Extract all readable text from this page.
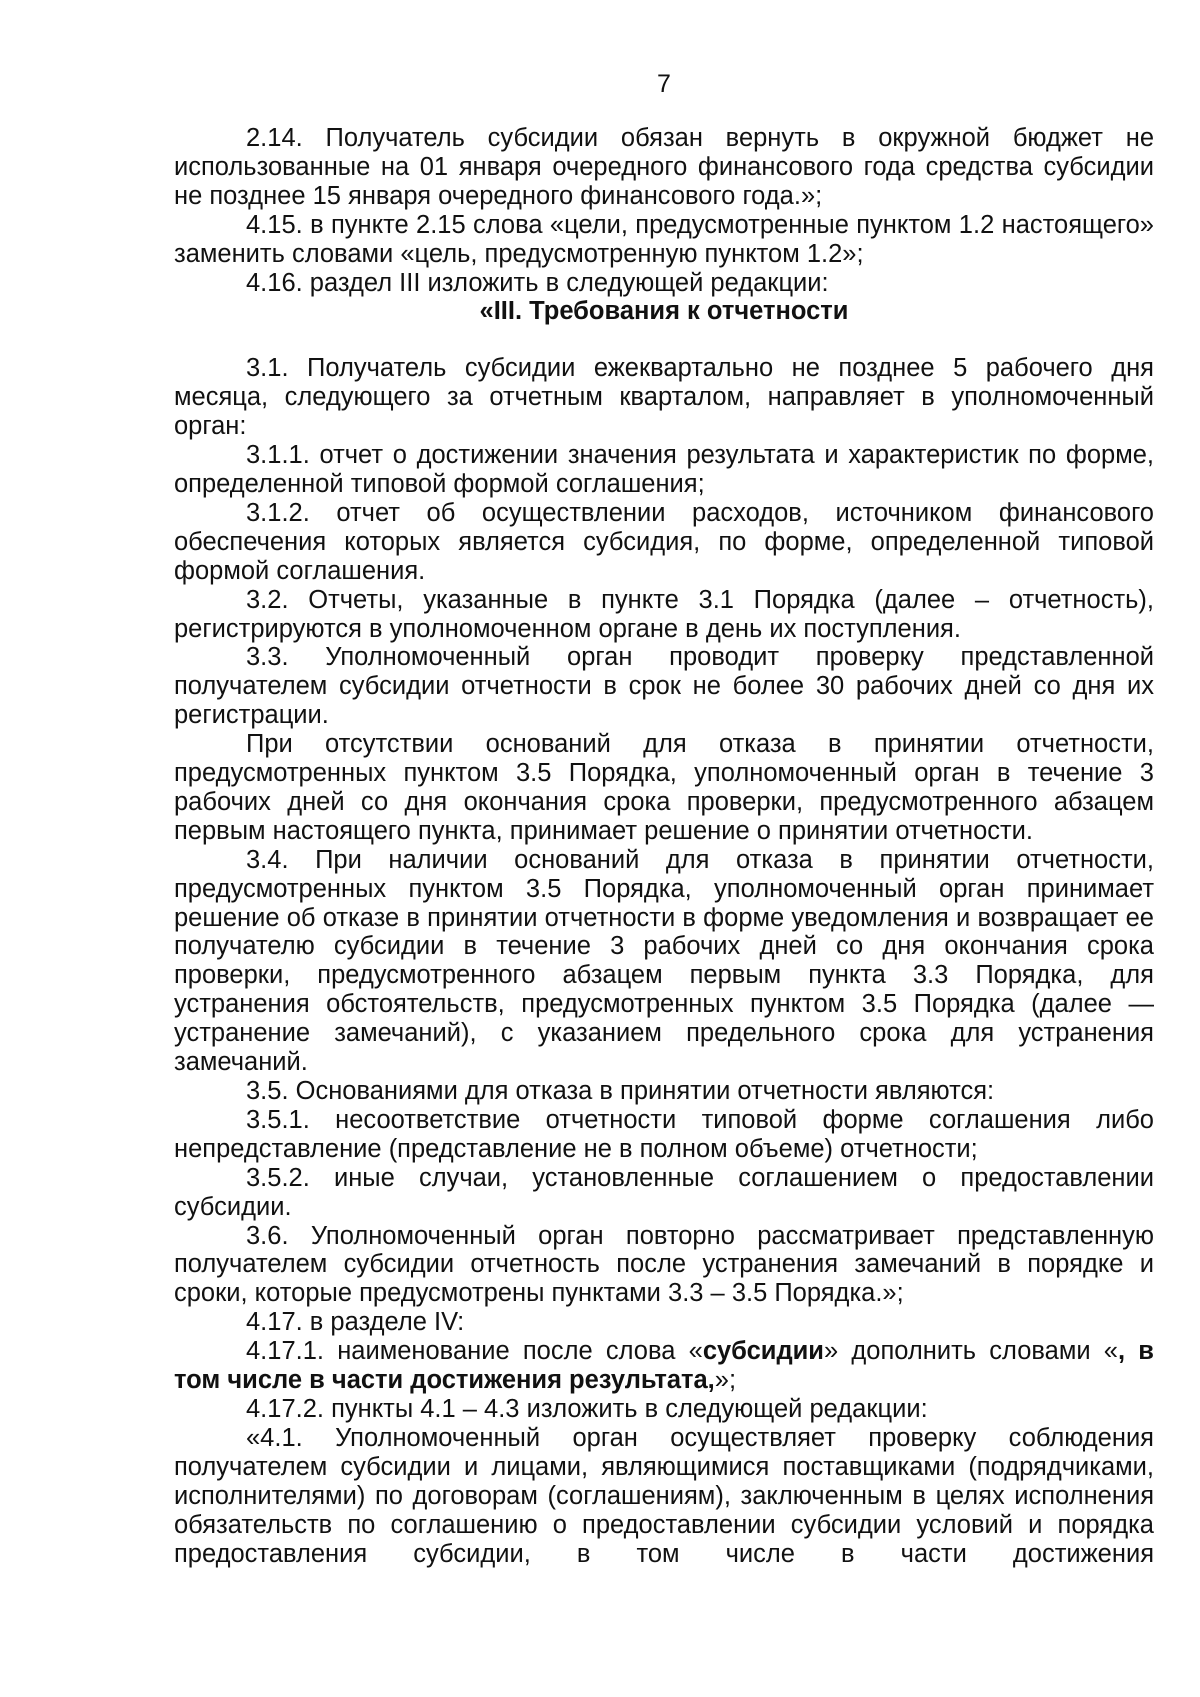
7

2.14. Получатель субсидии обязан вернуть в окружной бюджет не использованные на 01 января очередного финансового года средства субсидии не позднее 15 января очередного финансового года.»;

4.15. в пункте 2.15 слова «цели, предусмотренные пунктом 1.2 настоящего» заменить словами «цель, предусмотренную пунктом 1.2»;

4.16. раздел III изложить в следующей редакции:

«III. Требования к отчетности

3.1. Получатель субсидии ежеквартально не позднее 5 рабочего дня месяца, следующего за отчетным кварталом, направляет в уполномоченный орган:

3.1.1. отчет о достижении значения результата и характеристик по форме, определенной типовой формой соглашения;

3.1.2. отчет об осуществлении расходов, источником финансового обеспечения которых является субсидия, по форме, определенной типовой формой соглашения.

3.2. Отчеты, указанные в пункте 3.1 Порядка (далее – отчетность), регистрируются в уполномоченном органе в день их поступления.

3.3. Уполномоченный орган проводит проверку представленной получателем субсидии отчетности в срок не более 30 рабочих дней со дня их регистрации.

При отсутствии оснований для отказа в принятии отчетности, предусмотренных пунктом 3.5 Порядка, уполномоченный орган в течение 3 рабочих дней со дня окончания срока проверки, предусмотренного абзацем первым настоящего пункта, принимает решение о принятии отчетности.

3.4. При наличии оснований для отказа в принятии отчетности, предусмотренных пунктом 3.5 Порядка, уполномоченный орган принимает решение об отказе в принятии отчетности в форме уведомления и возвращает ее получателю субсидии в течение 3 рабочих дней со дня окончания срока проверки, предусмотренного абзацем первым пункта 3.3 Порядка, для устранения обстоятельств, предусмотренных пунктом 3.5 Порядка (далее — устранение замечаний), с указанием предельного срока для устранения замечаний.

3.5. Основаниями для отказа в принятии отчетности являются:

3.5.1. несоответствие отчетности типовой форме соглашения либо непредставление (представление не в полном объеме) отчетности;

3.5.2. иные случаи, установленные соглашением о предоставлении субсидии.

3.6. Уполномоченный орган повторно рассматривает представленную получателем субсидии отчетность после устранения замечаний в порядке и сроки, которые предусмотрены пунктами 3.3 – 3.5 Порядка.»;

4.17. в разделе IV:

4.17.1. наименование после слова «субсидии» дополнить словами «, в том числе в части достижения результата,»;

4.17.2. пункты 4.1 – 4.3 изложить в следующей редакции:

«4.1. Уполномоченный орган осуществляет проверку соблюдения получателем субсидии и лицами, являющимися поставщиками (подрядчиками, исполнителями) по договорам (соглашениям), заключенным в целях исполнения обязательств по соглашению о предоставлении субсидии условий и порядка предоставления субсидии, в том числе в части достижения
